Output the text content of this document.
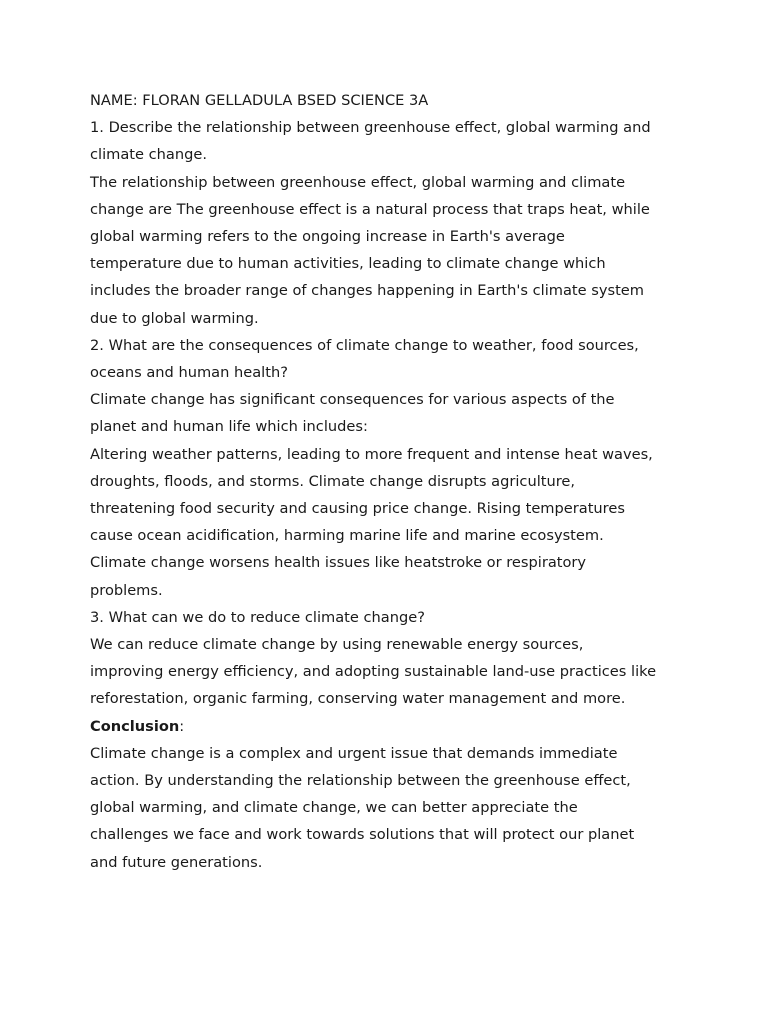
NAME: FLORAN GELLADULA BSED SCIENCE 3A
1. Describe the relationship between greenhouse effect, global warming and
climate change.
The relationship between greenhouse effect, global warming and climate
change are The greenhouse effect is a natural process that traps heat, while
global warming refers to the ongoing increase in Earth's average
temperature due to human activities, leading to climate change which
includes the broader range of changes happening in Earth's climate system
due to global warming.
2. What are the consequences of climate change to weather, food sources,
oceans and human health?
Climate change has significant consequences for various aspects of the
planet and human life which includes:
Altering weather patterns, leading to more frequent and intense heat waves,
droughts, floods, and storms. Climate change disrupts agriculture,
threatening food security and causing price change. Rising temperatures
cause ocean acidification, harming marine life and marine ecosystem.
Climate change worsens health issues like heatstroke or respiratory
problems.
3. What can we do to reduce climate change?
We can reduce climate change by using renewable energy sources,
improving energy efficiency, and adopting sustainable land-use practices like
reforestation, organic farming, conserving water management and more.
Conclusion:
Climate change is a complex and urgent issue that demands immediate
action. By understanding the relationship between the greenhouse effect,
global warming, and climate change, we can better appreciate the
challenges we face and work towards solutions that will protect our planet
and future generations.
